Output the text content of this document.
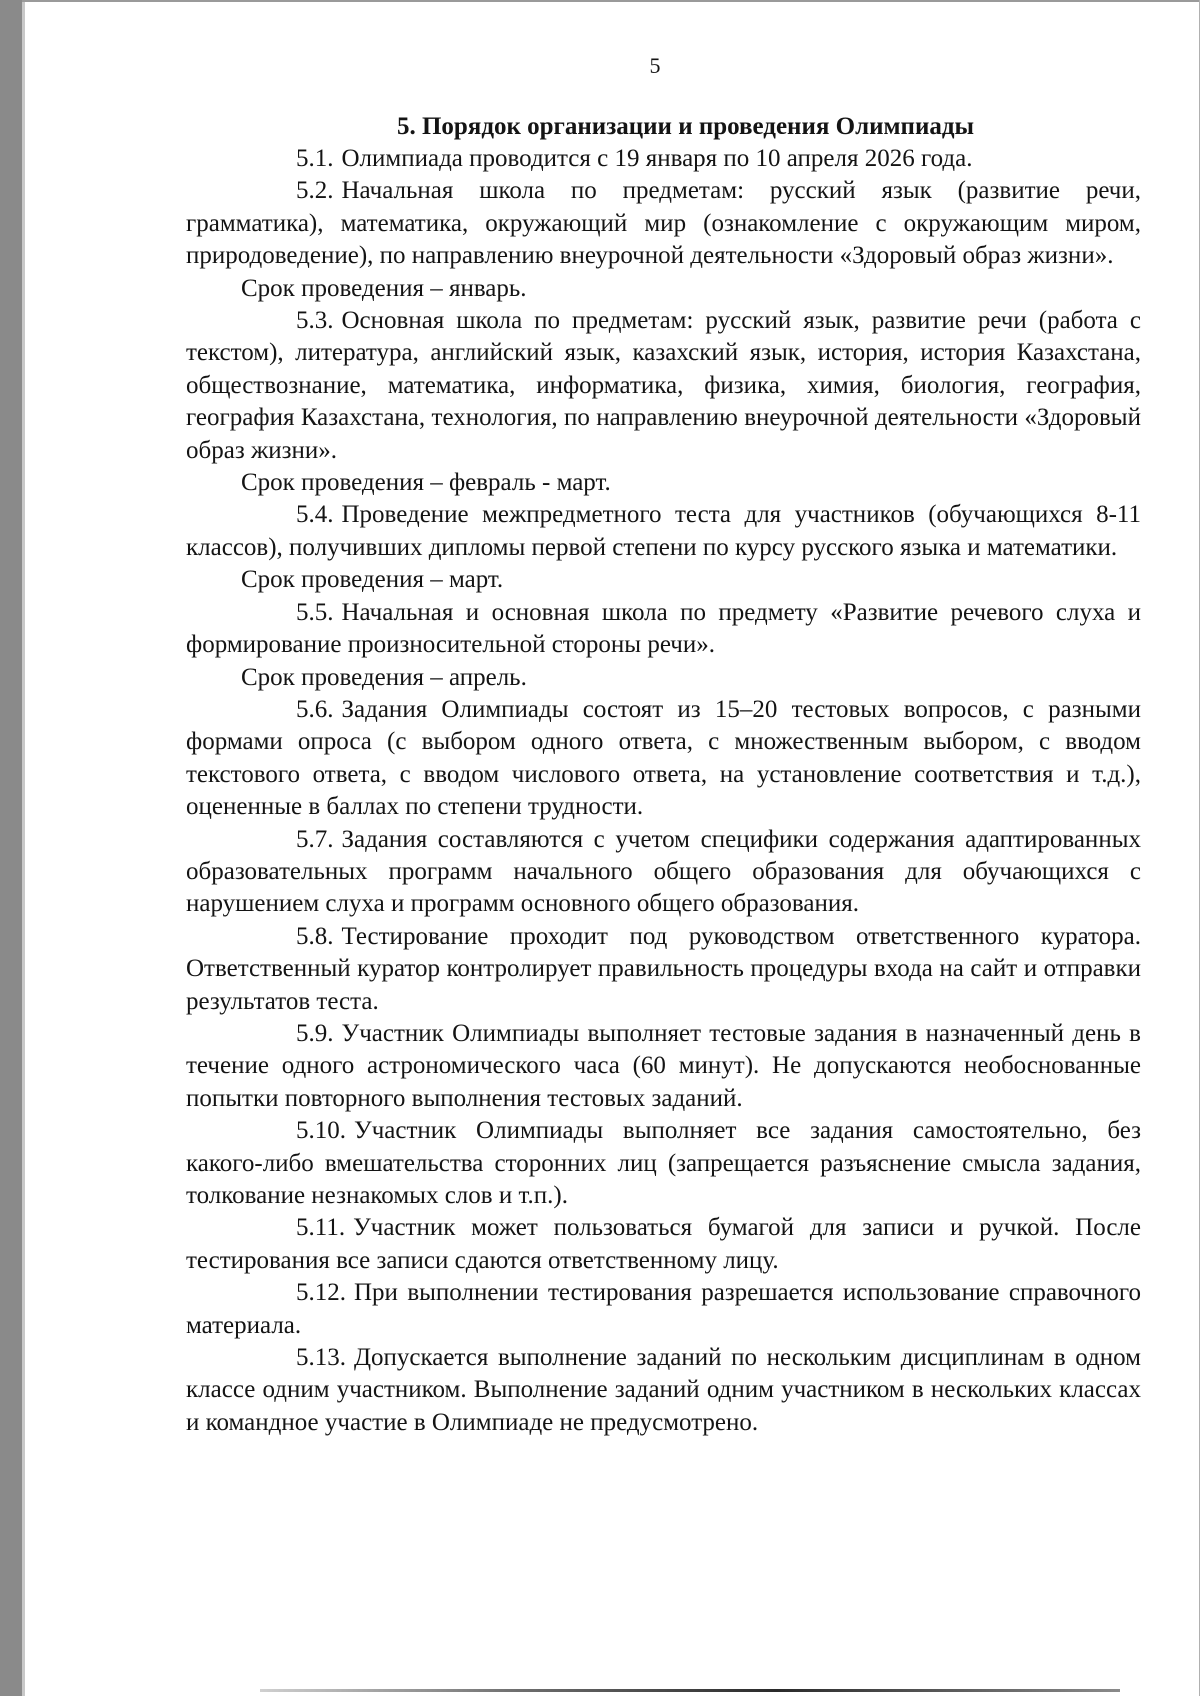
5
5. Порядок организации и проведения Олимпиады

5.1. Олимпиада проводится с 19 января по 10 апреля 2026 года.

5.2. Начальная школа по предметам: русский язык (развитие речи, грамматика), математика, окружающий мир (ознакомление с окружающим миром, природоведение), по направлению внеурочной деятельности «Здоровый образ жизни».

Срок проведения – январь.

5.3. Основная школа по предметам: русский язык, развитие речи (работа с текстом), литература, английский язык, казахский язык, история, история Казахстана, обществознание, математика, информатика, физика, химия, биология, география, география Казахстана, технология, по направлению внеурочной деятельности «Здоровый образ жизни».

Срок проведения – февраль - март.

5.4. Проведение межпредметного теста для участников (обучающихся 8-11 классов), получивших дипломы первой степени по курсу русского языка и математики.

Срок проведения – март.

5.5. Начальная и основная школа по предмету «Развитие речевого слуха и формирование произносительной стороны речи».

Срок проведения – апрель.

5.6. Задания Олимпиады состоят из 15–20 тестовых вопросов, с разными формами опроса (с выбором одного ответа, с множественным выбором, с вводом текстового ответа, с вводом числового ответа, на установление соответствия и т.д.), оцененные в баллах по степени трудности.

5.7. Задания составляются с учетом специфики содержания адаптированных образовательных программ начального общего образования для обучающихся с нарушением слуха и программ основного общего образования.

5.8. Тестирование проходит под руководством ответственного куратора. Ответственный куратор контролирует правильность процедуры входа на сайт и отправки результатов теста.

5.9. Участник Олимпиады выполняет тестовые задания в назначенный день в течение одного астрономического часа (60 минут). Не допускаются необоснованные попытки повторного выполнения тестовых заданий.

5.10. Участник Олимпиады выполняет все задания самостоятельно, без какого-либо вмешательства сторонних лиц (запрещается разъяснение смысла задания, толкование незнакомых слов и т.п.).

5.11. Участник может пользоваться бумагой для записи и ручкой. После тестирования все записи сдаются ответственному лицу.

5.12. При выполнении тестирования разрешается использование справочного материала.

5.13. Допускается выполнение заданий по нескольким дисциплинам в одном классе одним участником. Выполнение заданий одним участником в нескольких классах и командное участие в Олимпиаде не предусмотрено.
